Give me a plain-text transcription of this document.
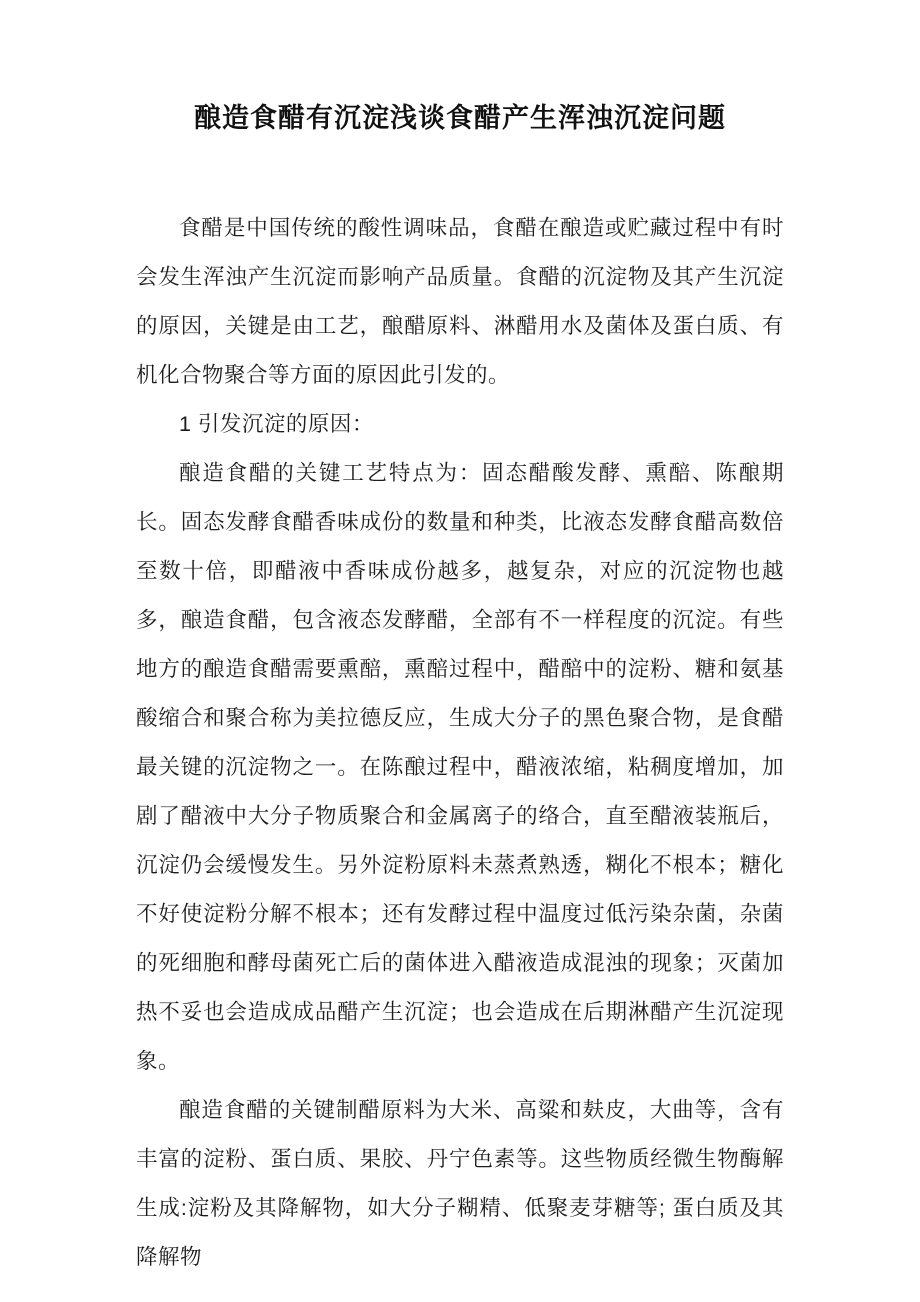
酿造食醋有沉淀浅谈食醋产生浑浊沉淀问题

食醋是中国传统的酸性调味品，食醋在酿造或贮藏过程中有时会发生浑浊产生沉淀而影响产品质量。食醋的沉淀物及其产生沉淀的原因，关键是由工艺，酿醋原料、淋醋用水及菌体及蛋白质、有机化合物聚合等方面的原因此引发的。

1 引发沉淀的原因：

酿造食醋的关键工艺特点为：固态醋酸发酵、熏醅、陈酿期长。固态发酵食醋香味成份的数量和种类，比液态发酵食醋高数倍至数十倍，即醋液中香味成份越多，越复杂，对应的沉淀物也越多，酿造食醋，包含液态发酵醋，全部有不一样程度的沉淀。有些地方的酿造食醋需要熏醅，熏醅过程中，醋醅中的淀粉、糖和氨基酸缩合和聚合称为美拉德反应，生成大分子的黑色聚合物，是食醋最关键的沉淀物之一。在陈酿过程中，醋液浓缩，粘稠度增加，加剧了醋液中大分子物质聚合和金属离子的络合，直至醋液装瓶后，沉淀仍会缓慢发生。另外淀粉原料未蒸煮熟透，糊化不根本；糖化不好使淀粉分解不根本；还有发酵过程中温度过低污染杂菌，杂菌的死细胞和酵母菌死亡后的菌体进入醋液造成混浊的现象；灭菌加热不妥也会造成成品醋产生沉淀；也会造成在后期淋醋产生沉淀现象。

酿造食醋的关键制醋原料为大米、高粱和麸皮，大曲等，含有丰富的淀粉、蛋白质、果胶、丹宁色素等。这些物质经微生物酶解生成:淀粉及其降解物，如大分子糊精、低聚麦芽糖等; 蛋白质及其降解物
